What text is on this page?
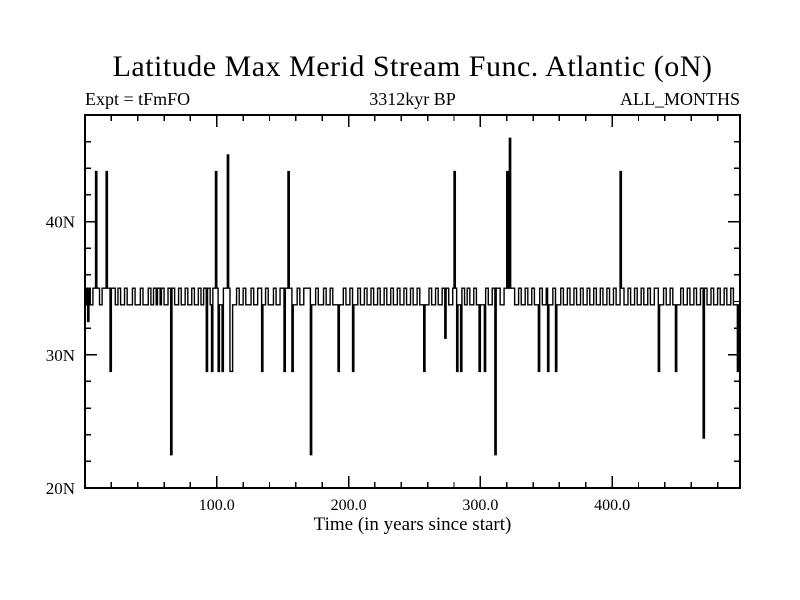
Latitude Max Merid Stream Func. Atlantic (oN)
Expt = tFmFO	3312kyr BP	ALL_MONTHS
100.0	200.0	300.0	400.0
20N
30N
40N
Time (in years since start)
